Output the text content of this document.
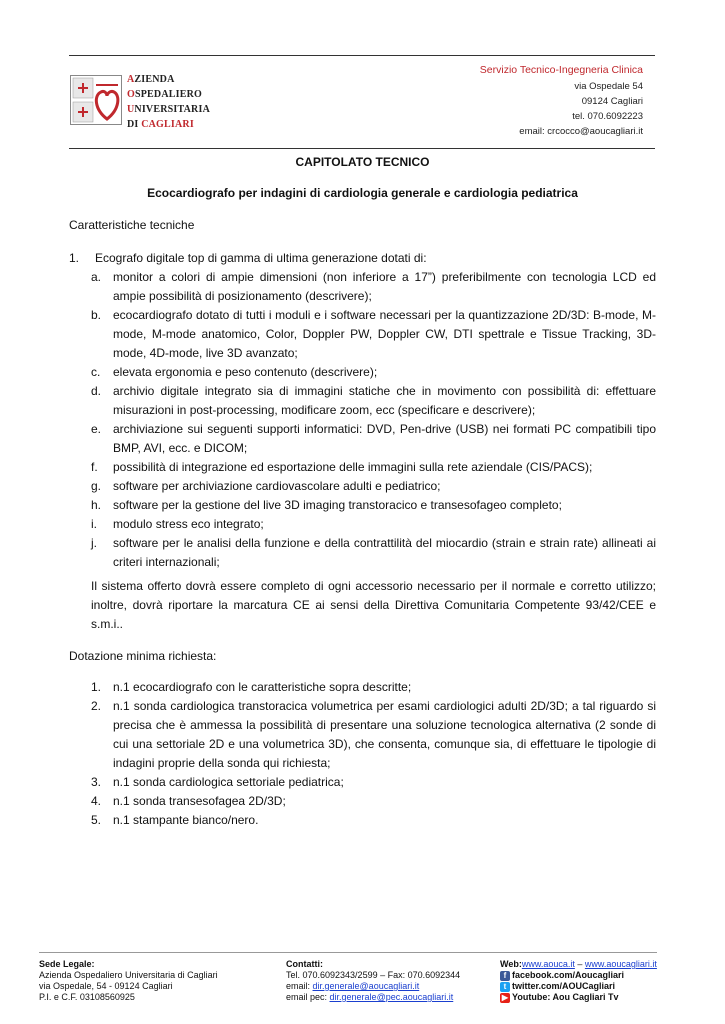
AZIENDA
OSPEDALIERO
UNIVERSITARIA
DI CAGLIARI
Servizio Tecnico-Ingegneria Clinica
via Ospedale 54
09124 Cagliari
tel. 070.6092223
email: crcocco@aoucagliari.it
CAPITOLATO TECNICO
Ecocardiografo per indagini di cardiologia generale e cardiologia pediatrica
Caratteristiche tecniche
1. Ecografo digitale top di gamma di ultima generazione dotati di:
a. monitor a colori di ampie dimensioni (non inferiore a 17”) preferibilmente con tecnologia LCD ed ampie possibilità di posizionamento (descrivere);
b. ecocardiografo dotato di tutti i moduli e i software necessari per la quantizzazione 2D/3D: B-mode, M-mode, M-mode anatomico, Color, Doppler PW, Doppler CW, DTI spettrale e Tissue Tracking, 3D-mode, 4D-mode, live 3D avanzato;
c. elevata ergonomia e peso contenuto (descrivere);
d. archivio digitale integrato sia di immagini statiche che in movimento con possibilità di: effettuare misurazioni in post-processing, modificare zoom, ecc (specificare e descrivere);
e. archiviazione sui seguenti supporti informatici: DVD, Pen-drive (USB) nei formati PC compatibili tipo BMP, AVI, ecc. e DICOM;
f. possibilità di integrazione ed esportazione delle immagini sulla rete aziendale (CIS/PACS);
g. software per archiviazione cardiovascolare adulti e pediatrico;
h. software per la gestione del live 3D imaging transtoracico e transesofageo completo;
i. modulo stress eco integrato;
j. software per le analisi della funzione e della contrattilità del miocardio (strain e strain rate) allineati ai criteri internazionali;
Il sistema offerto dovrà essere completo di ogni accessorio necessario per il normale e corretto utilizzo; inoltre, dovrà riportare la marcatura CE ai sensi della Direttiva Comunitaria Competente 93/42/CEE e s.m.i..
Dotazione minima richiesta:
1. n.1 ecocardiografo con le caratteristiche sopra descritte;
2. n.1 sonda cardiologica transtoracica volumetrica per esami cardiologici adulti 2D/3D; a tal riguardo si precisa che è ammessa la possibilità di presentare una soluzione tecnologica alternativa (2 sonde di cui una settoriale 2D e una volumetrica 3D), che consenta, comunque sia, di effettuare le tipologie di indagini proprie della sonda qui richiesta;
3. n.1 sonda cardiologica settoriale pediatrica;
4. n.1 sonda transesofagea 2D/3D;
5. n.1 stampante bianco/nero.
Sede Legale:
Azienda Ospedaliero Universitaria di Cagliari
via Ospedale, 54 - 09124 Cagliari
P.I. e C.F. 03108560925
Contatti:
Tel. 070.6092343/2599 – Fax: 070.6092344
email: dir.generale@aoucagliari.it
email pec: dir.generale@pec.aoucagliari.it
Web:www.aouca.it – www.aoucagliari.it
f facebook.com/Aoucagliari
t twitter.com/AOUCagliari
▶ Youtube: Aou Cagliari Tv
